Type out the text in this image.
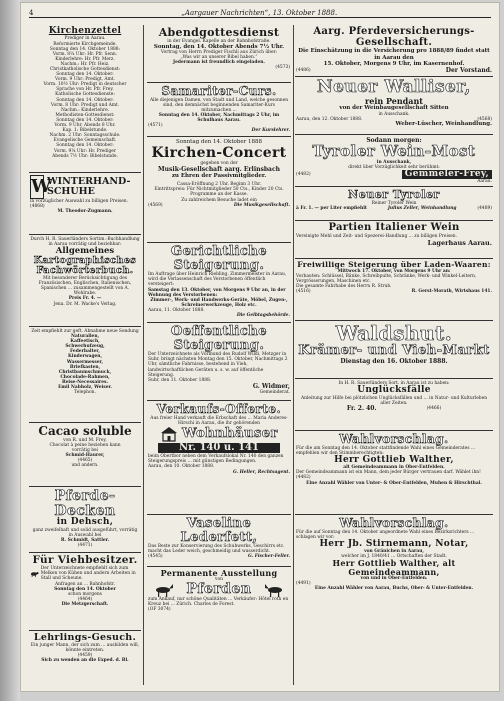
4	„Aargauer Nachrichten“, 13. Oktober 1888.
Kirchenzettel
Prediger in Aarau.
Reformierte Kirchgemeinde.
Sonntag den 14. Oktober 1888:
Vorm. 8¼ Uhr: Hr. Pfr. Senn.
Kinderlehre: Hr. Pfr. Merz.
Nachm.: Hr. Pfr. Heiz.
Christkatholische Gottesdienst:
Sonntag den 14. Oktober:
Vorm. 9 Uhr: Predigt, Amt.
Vorm. 10½ Uhr: Predigt in deutscher
Sprache von Hr. Pfr. Frey.
Katholische Gottesdienste:
Sonntag den 14. Oktober:
Vorm. 8 Uhr: Predigt und Amt.
Nachm.: Kinderlehre.
Methodisten-Gottesdienst:
Sonntag den 14. Oktober:
Vorm. 9 Uhr, Abends 8 Uhr.
Kap. 1: Bibelstunde.
Nachm. 2 Uhr: Sonntagsschule.
Evangelische Gemeinschaft.
Sonntag den 14. Oktober:
Vorm. 9¼ Uhr: Hr. Prediger
Abends 7½ Uhr: Bibelstunde.
W
WINTERHAND-
SCHUHE
in vorzüglicher Auswahl zu billigen Preisen.
(4868)
M. Theodor-Zugmann.
Durch H. R. Sauerländers Sortim.-Buchhandlung in Aarau vorrätig und beziehbar:
Allgemeines
Kartographisches
Fachwörterbuch.
Mit besonderer Berücksichtigung des Französischen, Englischen, Italienischen, Spanischen ... zusammengestellt von A. Wohlrabe.
Preis Fr. 4. —
Jena. Dr. M. Wacke's Verlag.
Zeit empfiehlt zur geft. Abnahme neue Sendung
Naturalien,
Kaffeetisch,
Schwerhufzeug,
Federhalter,
Kinderwagen,
Wassermesser,
Briefkasten,
Christbaumschmuck,
Chocolade-Rahmen,
Reise-Necessaires.
Emil Nabholz, Weiser.
Telephon.
Cacao soluble
von R. und M. Frey,
Chocolat à peine beziehen kann
vorrätig bei
Schmid-Haurer,
(4465)
und andern.
Pferde-Decken
in Dehsch,
ganz zweifelhaft und solid ausgeführt, vorrätig in Auswahl bei
R. Schmidt, Sattler.
(4471)
Für Viehbesitzer.
Der Unterzeichnete empfiehlt sich zum Melken von Kühen und andern Arbeiten in Stall und Scheune.
Anfragen an ... Bahnhofstr.
Sonntag den 14. Oktober
schon morgens
(4464)
Die Metzgerschaft.
Lehrlings-Gesuch.
Ein junger Mann, der sich zum ... ausbilden will, könnte eintreten.
(4459)
Sich zu wenden an die Exped. d. Bl.
Abendgottesdienst
in der Evangel. Kapelle an der Bahnhofstraße.
Sonntag, den 14. Oktober Abends 7½ Uhr.
Vortrag von Herrn Prediger Fischli aus Zürich über:
„Was wir an unserer Bibel haben.“
Jedermann ist freundlich eingeladen.
(4573)
Samariter-Curs.
Alle diejenigen Damen, von Stadt und Land, welche gesonnen sind, den demnächst beginnenden Samariter-Kurs mitzumachen ...
Sonntag den 14. Oktober, Nachmittags 2 Uhr, im Schulhaus Aarau.
(4571)
Der Kurslehrer.
Sonntag den 14. Oktober 1888
Kirchen-Concert
gegeben von der
Musik-Gesellschaft aarg. Erlinsbach
zu Ehren der Passivmitglieder.
Cassa-Eröffnung 2 Uhr. Beginn 3 Uhr.
Eintrittspreis: Für Nichtmitglieder 50 Cts., Kinder 20 Cts.
Programme an der Kasse.
Zu zahlreichem Besuche ladet ein
(4569)	Die Musikgesellschaft.
Gerichtliche Steigerung.
Im Auftrage über Heinrich Riebling, Zimmermeister in Aarau, wird die Verlassenschaft des Verstorbenen öffentlich versteigert:
Samstag den 13. Oktober, von Morgens 9 Uhr an, in der Wohnung des Verstorbenen:
Zimmer-, Werk- und Handwerks-Geräte, Möbel, Zugen-, Schreinerwerkzeuge, Holz etc.
Aarau, 11. Oktober 1888.
Die Gelbtagsbehörde.
Oeffentliche Steigerung.
Der Unterzeichnete als Vormund des Rudolf Wildi, Metzger in Suhr, bringt nächsten Montag den 15. Oktober, Nachmittags 2 Uhr, sämtliche Fahrnisse, bestehend in Vieh, landwirtschaftlichen Geräten u. s. w. auf öffentliche Steigerung.
Suhr, den 11. Oktober 1888.
G. Widmer,
Gemeinderat.
Verkaufs-Offerte.
Aus freier Hand verkauft die Erbschaft des ... Maria Anderes-Hirschi in Aarau, die ihr gehörenden
Wohnhäuser
Nr. 140 u. 141
beim Obertbor neben dem Verkaufslokal Nr. 140 den ganzen Steigerungspreis ... mit günstigen Bedingungen.
Aarau, den 10. Oktober 1888.
G. Heller, Rechtsagent.
Vaseline Lederfett,
Das Beste zur Konservierung des Schuhwerks, Geschirrs etc. macht das Leder weich, geschmeidig und wasserdicht.
(4545)	G. Fischer-Feller.
Permanente Ausstellung
von
Pferden
zum Ankauf, nur schöne Qualitäten ... Verkäufer: Hôtel roth en Kreuz bei ... Zürich. Charles de Forest.
(OF 3074)
Aarg. Pferdeversicherungs-Gesellschaft.
Die Einschätzung in die Versicherung pro 1888/89 findet statt in Aarau den
15. Oktober, Morgens 9 Uhr, im Kasernenhof.
(4486)	Der Vorstand.
Neuer Walliser,
rein Pendant
von der Weinbaugesellschaft Sitten
in Ausschank.
Aarau, den 12. Oktober 1888.	(4568)
Weber-Lüscher, Weinhandlung.
Sodann morgen:
Tyroler Wein-Most
in Ausschank,
direkt über Vorzüglichkeit sehr berühmt:
(4482)	Gemmeler-Frey,
Aarau.
Neuer Tyroler
Reiner Tyroler Wein
à Fr. 1. — per Liter empfiehlt	Julius Zeller, Weinhandlung	(4489)
Partien Italiener Wein
Vereinigte Mehl und Zeit- und Spezerei-Handlung ... zu billigen Preisen.
Lagerhaus Aarau.
Freiwillige Steigerung über Laden-Waaren:
Mittwoch 17. Oktober, von Morgens 9 Uhr an:
Vorbauten: Schlüssel, Bänke, Schreibpulte, Schränke, Werk- und Winkel-Leitern, Vergrösserungen, Maschinen etc.
Die gesamte Fahrhabe des Herrn R. Strub.
(4516)	R. Gerst-Morath, Wirtshaus 141.
Waldshut.
Krämer- und Vieh-Markt
Dienstag den 16. Oktober 1888.
In H. R. Sauerländers Sort. in Aarau ist zu haben:
Unglücksfälle
Anleitung zur Hilfe bei plötzlichen Unglücksfällen und ... in Natur- und Kulturleben aller Zeiten.
Fr. 2. 40.	(4466)
Wahlvorschlag.
Für die am Sonntag den 14. Oktober stattfindende Wahl eines Gemeinderates ... empfehlen wir den Stimmberechtigten:
Herr Gottlieb Walther,
alt Gemeindeammann in Ober-Entfelden.
Der Gemeindeammann ist ein Mann, dem jeder Bürger vertrauen darf. Wählet ihn!
(4482)
Eine Anzahl Wähler von Unter- & Ober-Entfelden, Muhen & Hirschthal.
Wahlvorschlag.
Für die auf Sonntag den 14. Oktober angeordnete Wahl eines Bezirksrichters ... schlagen wir vor:
Herr Jb. Stirnemann, Notar,
von Gränichen in Aarau,
welcher im J. 1840/41 ... Ortschaften der Stadt.
Herr Gottlieb Walther, alt Gemeindeammann,
von und in Ober-Entfelden.
(4491)
Eine Anzahl Wähler von Aarau, Buchs, Ober- & Unter-Entfelden.
